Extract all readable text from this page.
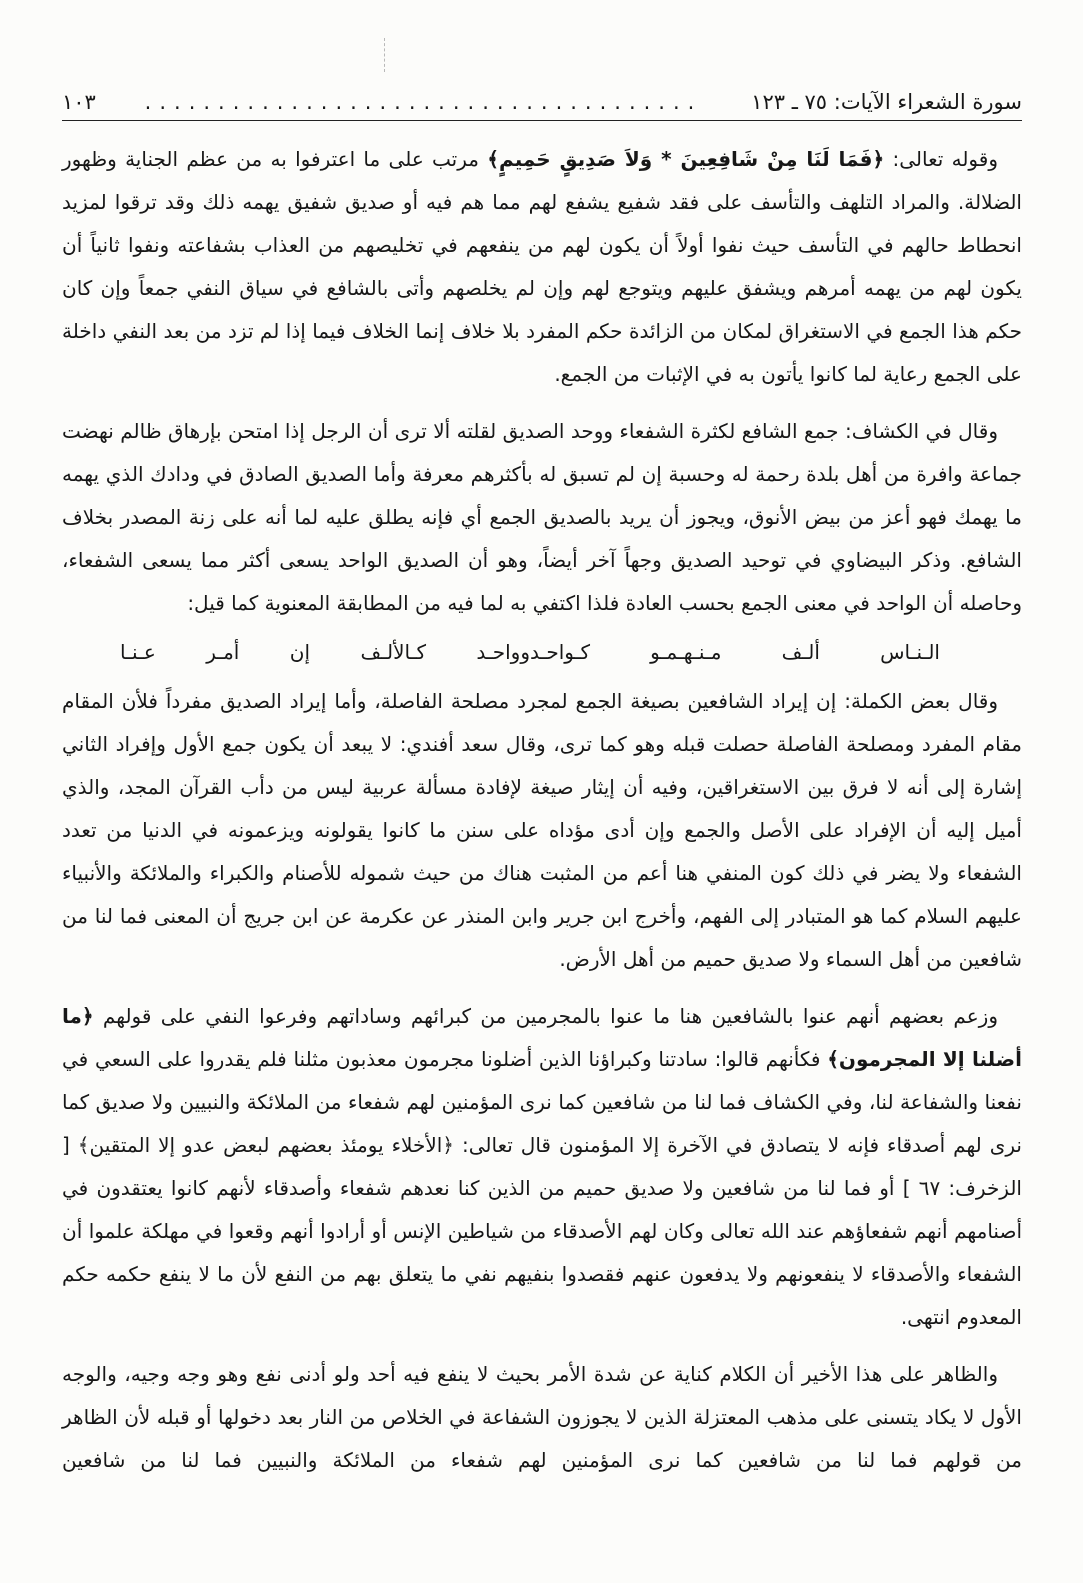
سورة الشعراء الآيات: ٧٥ ـ ١٢٣
......................................
١٠٣

وقوله تعالى: ﴿فَمَا لَنَا مِنْ شَافِعِينَ * وَلاَ صَدِيقٍ حَمِيمٍ﴾ مرتب على ما اعترفوا به من عظم الجناية وظهور الضلالة. والمراد التلهف والتأسف على فقد شفيع يشفع لهم مما هم فيه أو صديق شفيق يهمه ذلك وقد ترقوا لمزيد انحطاط حالهم في التأسف حيث نفوا أولاً أن يكون لهم من ينفعهم في تخليصهم من العذاب بشفاعته ونفوا ثانياً أن يكون لهم من يهمه أمرهم ويشفق عليهم ويتوجع لهم وإن لم يخلصهم وأتى بالشافع في سياق النفي جمعاً وإن كان حكم هذا الجمع في الاستغراق لمكان من الزائدة حكم المفرد بلا خلاف إنما الخلاف فيما إذا لم تزد من بعد النفي داخلة على الجمع رعاية لما كانوا يأتون به في الإثبات من الجمع.

وقال في الكشاف: جمع الشافع لكثرة الشفعاء ووحد الصديق لقلته ألا ترى أن الرجل إذا امتحن بإرهاق ظالم نهضت جماعة وافرة من أهل بلدة رحمة له وحسبة إن لم تسبق له بأكثرهم معرفة وأما الصديق الصادق في ودادك الذي يهمه ما يهمك فهو أعز من بيض الأنوق، ويجوز أن يريد بالصديق الجمع أي فإنه يطلق عليه لما أنه على زنة المصدر بخلاف الشافع. وذكر البيضاوي في توحيد الصديق وجهاً آخر أيضاً، وهو أن الصديق الواحد يسعى أكثر مما يسعى الشفعاء، وحاصله أن الواحد في معنى الجمع بحسب العادة فلذا اكتفي به لما فيه من المطابقة المعنوية كما قيل:

الـنـاس ألـف مـنـهـمـو كـواحـد
وواحـد كـالألـف إن أمـر عـنـا

وقال بعض الكملة: إن إيراد الشافعين بصيغة الجمع لمجرد مصلحة الفاصلة، وأما إيراد الصديق مفرداً فلأن المقام مقام المفرد ومصلحة الفاصلة حصلت قبله وهو كما ترى، وقال سعد أفندي: لا يبعد أن يكون جمع الأول وإفراد الثاني إشارة إلى أنه لا فرق بين الاستغراقين، وفيه أن إيثار صيغة لإفادة مسألة عربية ليس من دأب القرآن المجد، والذي أميل إليه أن الإفراد على الأصل والجمع وإن أدى مؤداه على سنن ما كانوا يقولونه ويزعمونه في الدنيا من تعدد الشفعاء ولا يضر في ذلك كون المنفي هنا أعم من المثبت هناك من حيث شموله للأصنام والكبراء والملائكة والأنبياء عليهم السلام كما هو المتبادر إلى الفهم، وأخرج ابن جرير وابن المنذر عن عكرمة عن ابن جريج أن المعنى فما لنا من شافعين من أهل السماء ولا صديق حميم من أهل الأرض.

وزعم بعضهم أنهم عنوا بالشافعين هنا ما عنوا بالمجرمين من كبرائهم وساداتهم وفرعوا النفي على قولهم ﴿ما أضلنا إلا المجرمون﴾ فكأنهم قالوا: سادتنا وكبراؤنا الذين أضلونا مجرمون معذبون مثلنا فلم يقدروا على السعي في نفعنا والشفاعة لنا، وفي الكشاف فما لنا من شافعين كما نرى المؤمنين لهم شفعاء من الملائكة والنبيين ولا صديق كما نرى لهم أصدقاء فإنه لا يتصادق في الآخرة إلا المؤمنون قال تعالى: ﴿الأخلاء يومئذ بعضهم لبعض عدو إلا المتقين﴾ [ الزخرف: ٦٧ ] أو فما لنا من شافعين ولا صديق حميم من الذين كنا نعدهم شفعاء وأصدقاء لأنهم كانوا يعتقدون في أصنامهم أنهم شفعاؤهم عند الله تعالى وكان لهم الأصدقاء من شياطين الإنس أو أرادوا أنهم وقعوا في مهلكة علموا أن الشفعاء والأصدقاء لا ينفعونهم ولا يدفعون عنهم فقصدوا بنفيهم نفي ما يتعلق بهم من النفع لأن ما لا ينفع حكمه حكم المعدوم انتهى.

والظاهر على هذا الأخير أن الكلام كناية عن شدة الأمر بحيث لا ينفع فيه أحد ولو أدنى نفع وهو وجه وجيه، والوجه الأول لا يكاد يتسنى على مذهب المعتزلة الذين لا يجوزون الشفاعة في الخلاص من النار بعد دخولها أو قبله لأن الظاهر من قولهم فما لنا من شافعين كما نرى المؤمنين لهم شفعاء من الملائكة والنبيين فما لنا من شافعين
